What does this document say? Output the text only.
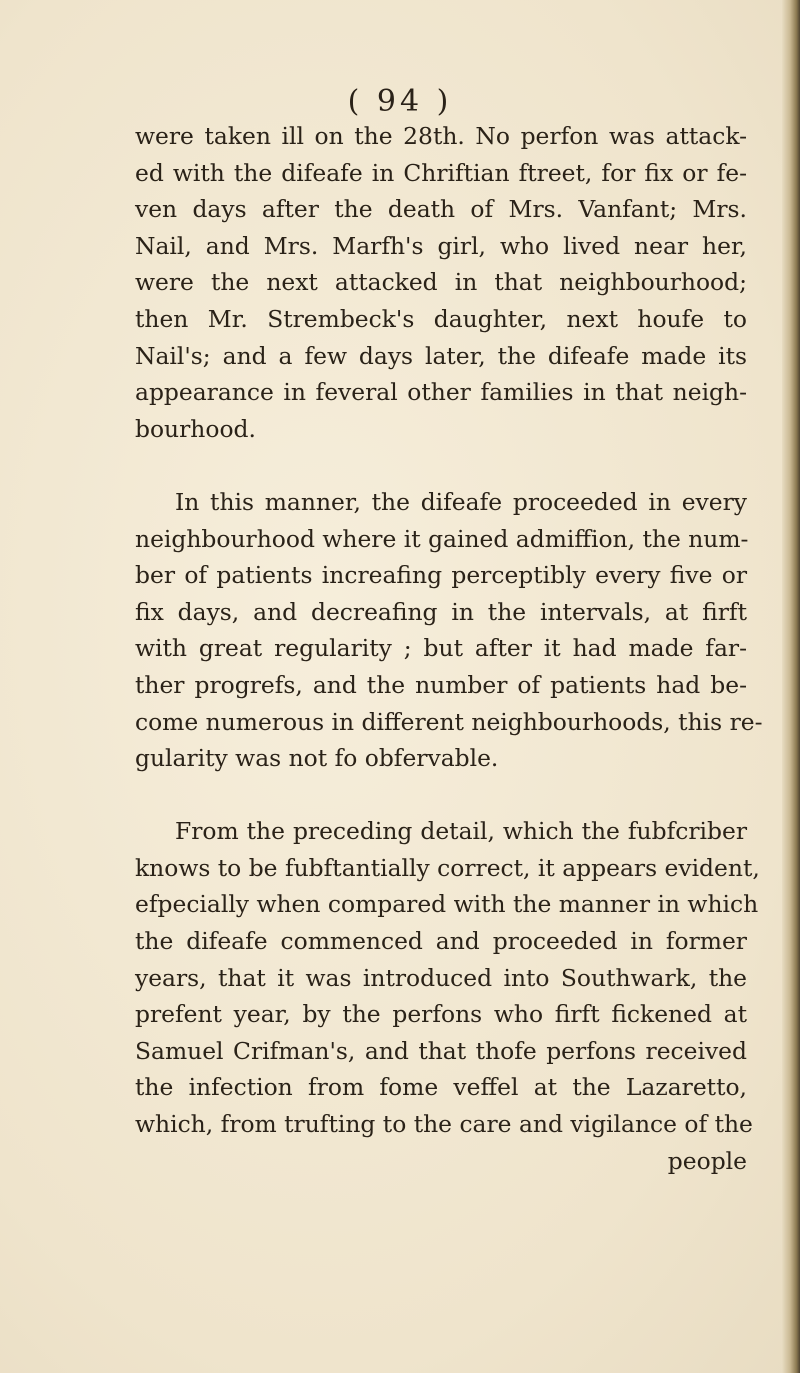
( 94 )
were taken ill on the 28th. No perfon was attack-
ed with the difeafe in Chriftian ftreet, for fix or fe-
ven days after the death of Mrs. Vanfant; Mrs.
Nail, and Mrs. Marfh's girl, who lived near her,
were the next attacked in that neighbourhood;
then Mr. Strembeck's daughter, next houfe to
Nail's; and a few days later, the difeafe made its
appearance in feveral other families in that neigh-
bourhood.
In this manner, the difeafe proceeded in every
neighbourhood where it gained admiffion, the num-
ber of patients increafing perceptibly every five or
fix days, and decreafing in the intervals, at firft
with great regularity ; but after it had made far-
ther progrefs, and the number of patients had be-
come numerous in different neighbourhoods, this re-
gularity was not fo obfervable.
From the preceding detail, which the fubfcriber
knows to be fubftantially correct, it appears evident,
efpecially when compared with the manner in which
the difeafe commenced and proceeded in former
years, that it was introduced into Southwark, the
prefent year, by the perfons who firft fickened at
Samuel Crifman's, and that thofe perfons received
the infection from fome veffel at the Lazaretto,
which, from trufting to the care and vigilance of the
people
